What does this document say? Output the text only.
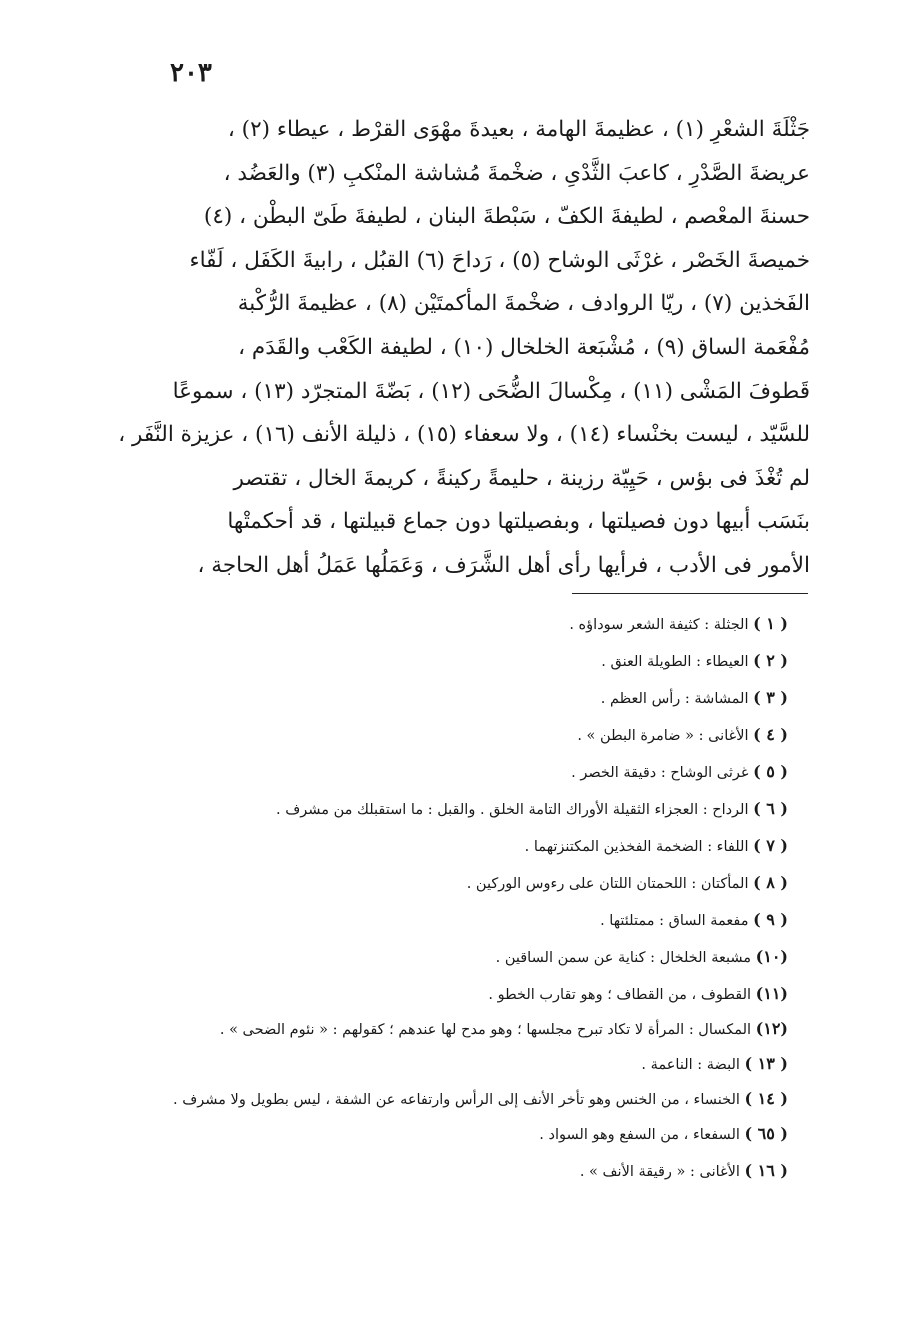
٢٠٣
جَثْلَةَ الشعْرِ (١) ، عظيمةَ الهامة ، بعيدةَ مهْوَى القرْط ، عيطاء (٢) ،
عريضةَ الصَّدْرِ ، كاعبَ الثَّدْىِ ، ضخْمةَ مُشاشة المنْكبِ (٣) والعَضُد ،
حسنةَ المعْصم ، لطيفةَ الكفّ ، سَبْطةَ البنان ، لطيفةَ طَىّ البطْن ، (٤)
خميصةَ الخَصْر ، غرْثَى الوشاح (٥) ، رَداحَ (٦) القبُل ، رابيةَ الكَفَل ، لَفّاء
الفَخذين (٧) ، ريّا الروادف ، ضخْمةَ المأكمتَيْن (٨) ، عظيمةَ الرُّكْبة
مُفْعَمة الساق (٩) ، مُشْبَعة الخلخال (١٠) ، لطيفة الكَعْب والقَدَم ،
قَطوفَ المَشْى (١١) ، مِكْسالَ الضُّحَى (١٢) ، بَضّةَ المتجرّد (١٣) ، سموعًا
للسَّيّد ، ليست بخنْساء (١٤) ، ولا سعفاء (١٥) ، ذليلة الأنف (١٦) ، عزيزة النَّفَر ،
لم تُغْذَ فى بؤس ، حَيِيّة رزينة ، حليمةً ركينةً ، كريمةَ الخال ، تقتصر
بنَسَب أبيها دون فصيلتها ، وبفصيلتها دون جماع قبيلتها ، قد أحكمتْها
الأمور فى الأدب ، فرأيها رأى أهل الشَّرَف ، وَعَمَلُها عَمَلُ أهل الحاجة ،

( ١ ) الجثلة : كثيفة الشعر سوداؤه .

( ٢ ) العيطاء : الطويلة العنق .

( ٣ ) المشاشة : رأس العظم .

( ٤ ) الأغانى : « ضامرة البطن » .

( ٥ ) غرثى الوشاح : دقيقة الخصر .

( ٦ ) الرداح : العجزاء الثقيلة الأوراك التامة الخلق . والقبل : ما استقبلك من مشرف .

( ٧ ) اللفاء : الضخمة الفخذين المكتنزتهما .

( ٨ ) المأكتان : اللحمتان اللتان على رءوس الوركين .

( ٩ ) مفعمة الساق : ممتلئتها .

(١٠) مشبعة الخلخال : كناية عن سمن الساقين .

(١١) القطوف ، من القطاف ؛ وهو تقارب الخطو .

(١٢) المكسال : المرأة لا تكاد تبرح مجلسها ؛ وهو مدح لها عندهم ؛ كقولهم : « نئوم الضحى » .

( ١٣ ) البضة : الناعمة .

( ١٤ ) الخنساء ، من الخنس وهو تأخر الأنف إلى الرأس وارتفاعه عن الشفة ، ليس بطويل ولا مشرف .

( ٦٥ ) السفعاء ، من السفع وهو السواد .

( ١٦ ) الأغانى : « رقيقة الأنف » .
